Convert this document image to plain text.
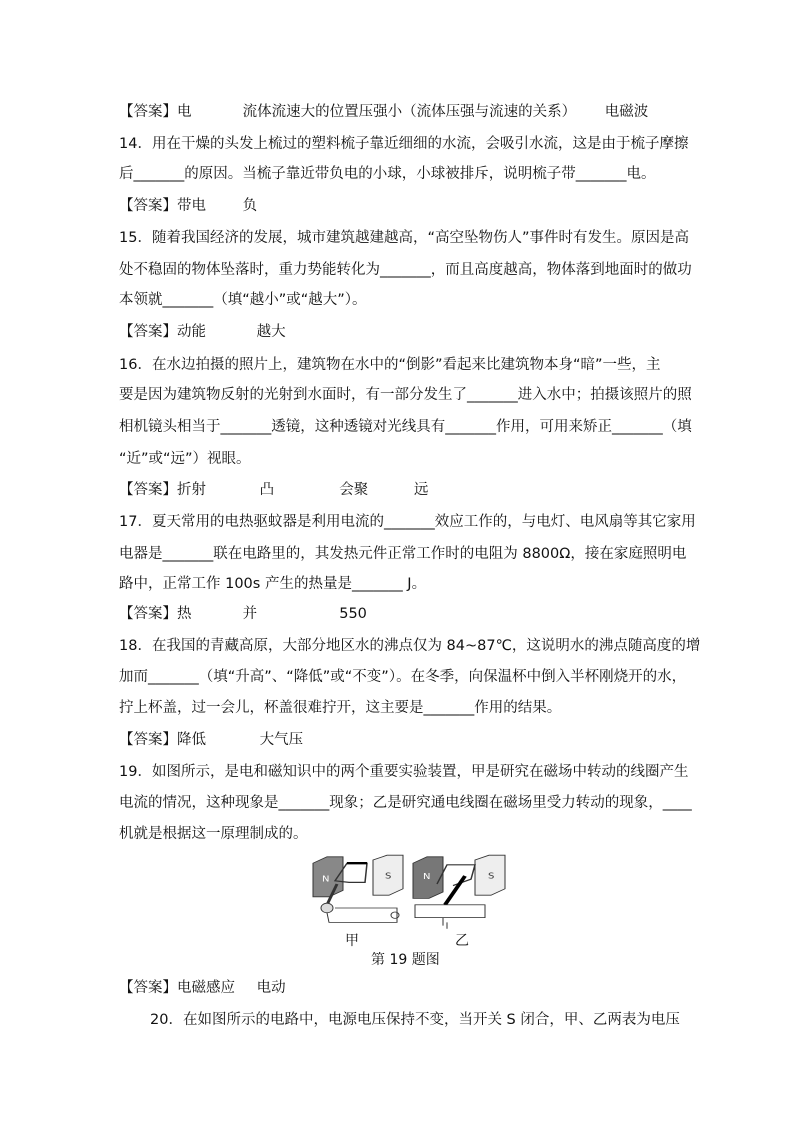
【答案】电	流体流速大的位置压强小（流体压强与流速的关系） 电磁波
14．用在干燥的头发上梳过的塑料梳子靠近细细的水流，会吸引水流，这是由于梳子摩擦
后_______的原因。当梳子靠近带负电的小球，小球被排斥，说明梳子带_______电。
【答案】带电	负
15．随着我国经济的发展，城市建筑越建越高，“高空坠物伤人”事件时有发生。原因是高
处不稳固的物体坠落时，重力势能转化为_______，而且高度越高，物体落到地面时的做功
本领就_______（填“越小”或“越大”）。
【答案】动能	越大
16．在水边拍摄的照片上，建筑物在水中的“倒影”看起来比建筑物本身“暗”一些，主
要是因为建筑物反射的光射到水面时，有一部分发生了_______进入水中；拍摄该照片的照
相机镜头相当于_______透镜，这种透镜对光线具有_______作用，可用来矫正_______（填
“近”或“远”）视眼。
【答案】折射	凸	会聚	远
17．夏天常用的电热驱蚊器是利用电流的_______效应工作的，与电灯、电风扇等其它家用
电器是_______联在电路里的，其发热元件正常工作时的电阻为 8800Ω，接在家庭照明电
路中，正常工作 100s 产生的热量是_______ J。
【答案】热	并	550
18．在我国的青藏高原，大部分地区水的沸点仅为 84~87℃，这说明水的沸点随高度的增
加而_______（填“升高”、“降低”或“不变”）。在冬季，向保温杯中倒入半杯刚烧开的水，
拧上杯盖，过一会儿，杯盖很难拧开，这主要是_______作用的结果。
【答案】降低	大气压
19．如图所示，是电和磁知识中的两个重要实验装置，甲是研究在磁场中转动的线圈产生
电流的情况，这种现象是_______现象；乙是研究通电线圈在磁场里受力转动的现象，____
机就是根据这一原理制成的。
N	S	N	S
甲	乙
第 19 题图
【答案】电磁感应 电动
20．在如图所示的电路中，电源电压保持不变，当开关 S 闭合，甲、乙两表为电压
